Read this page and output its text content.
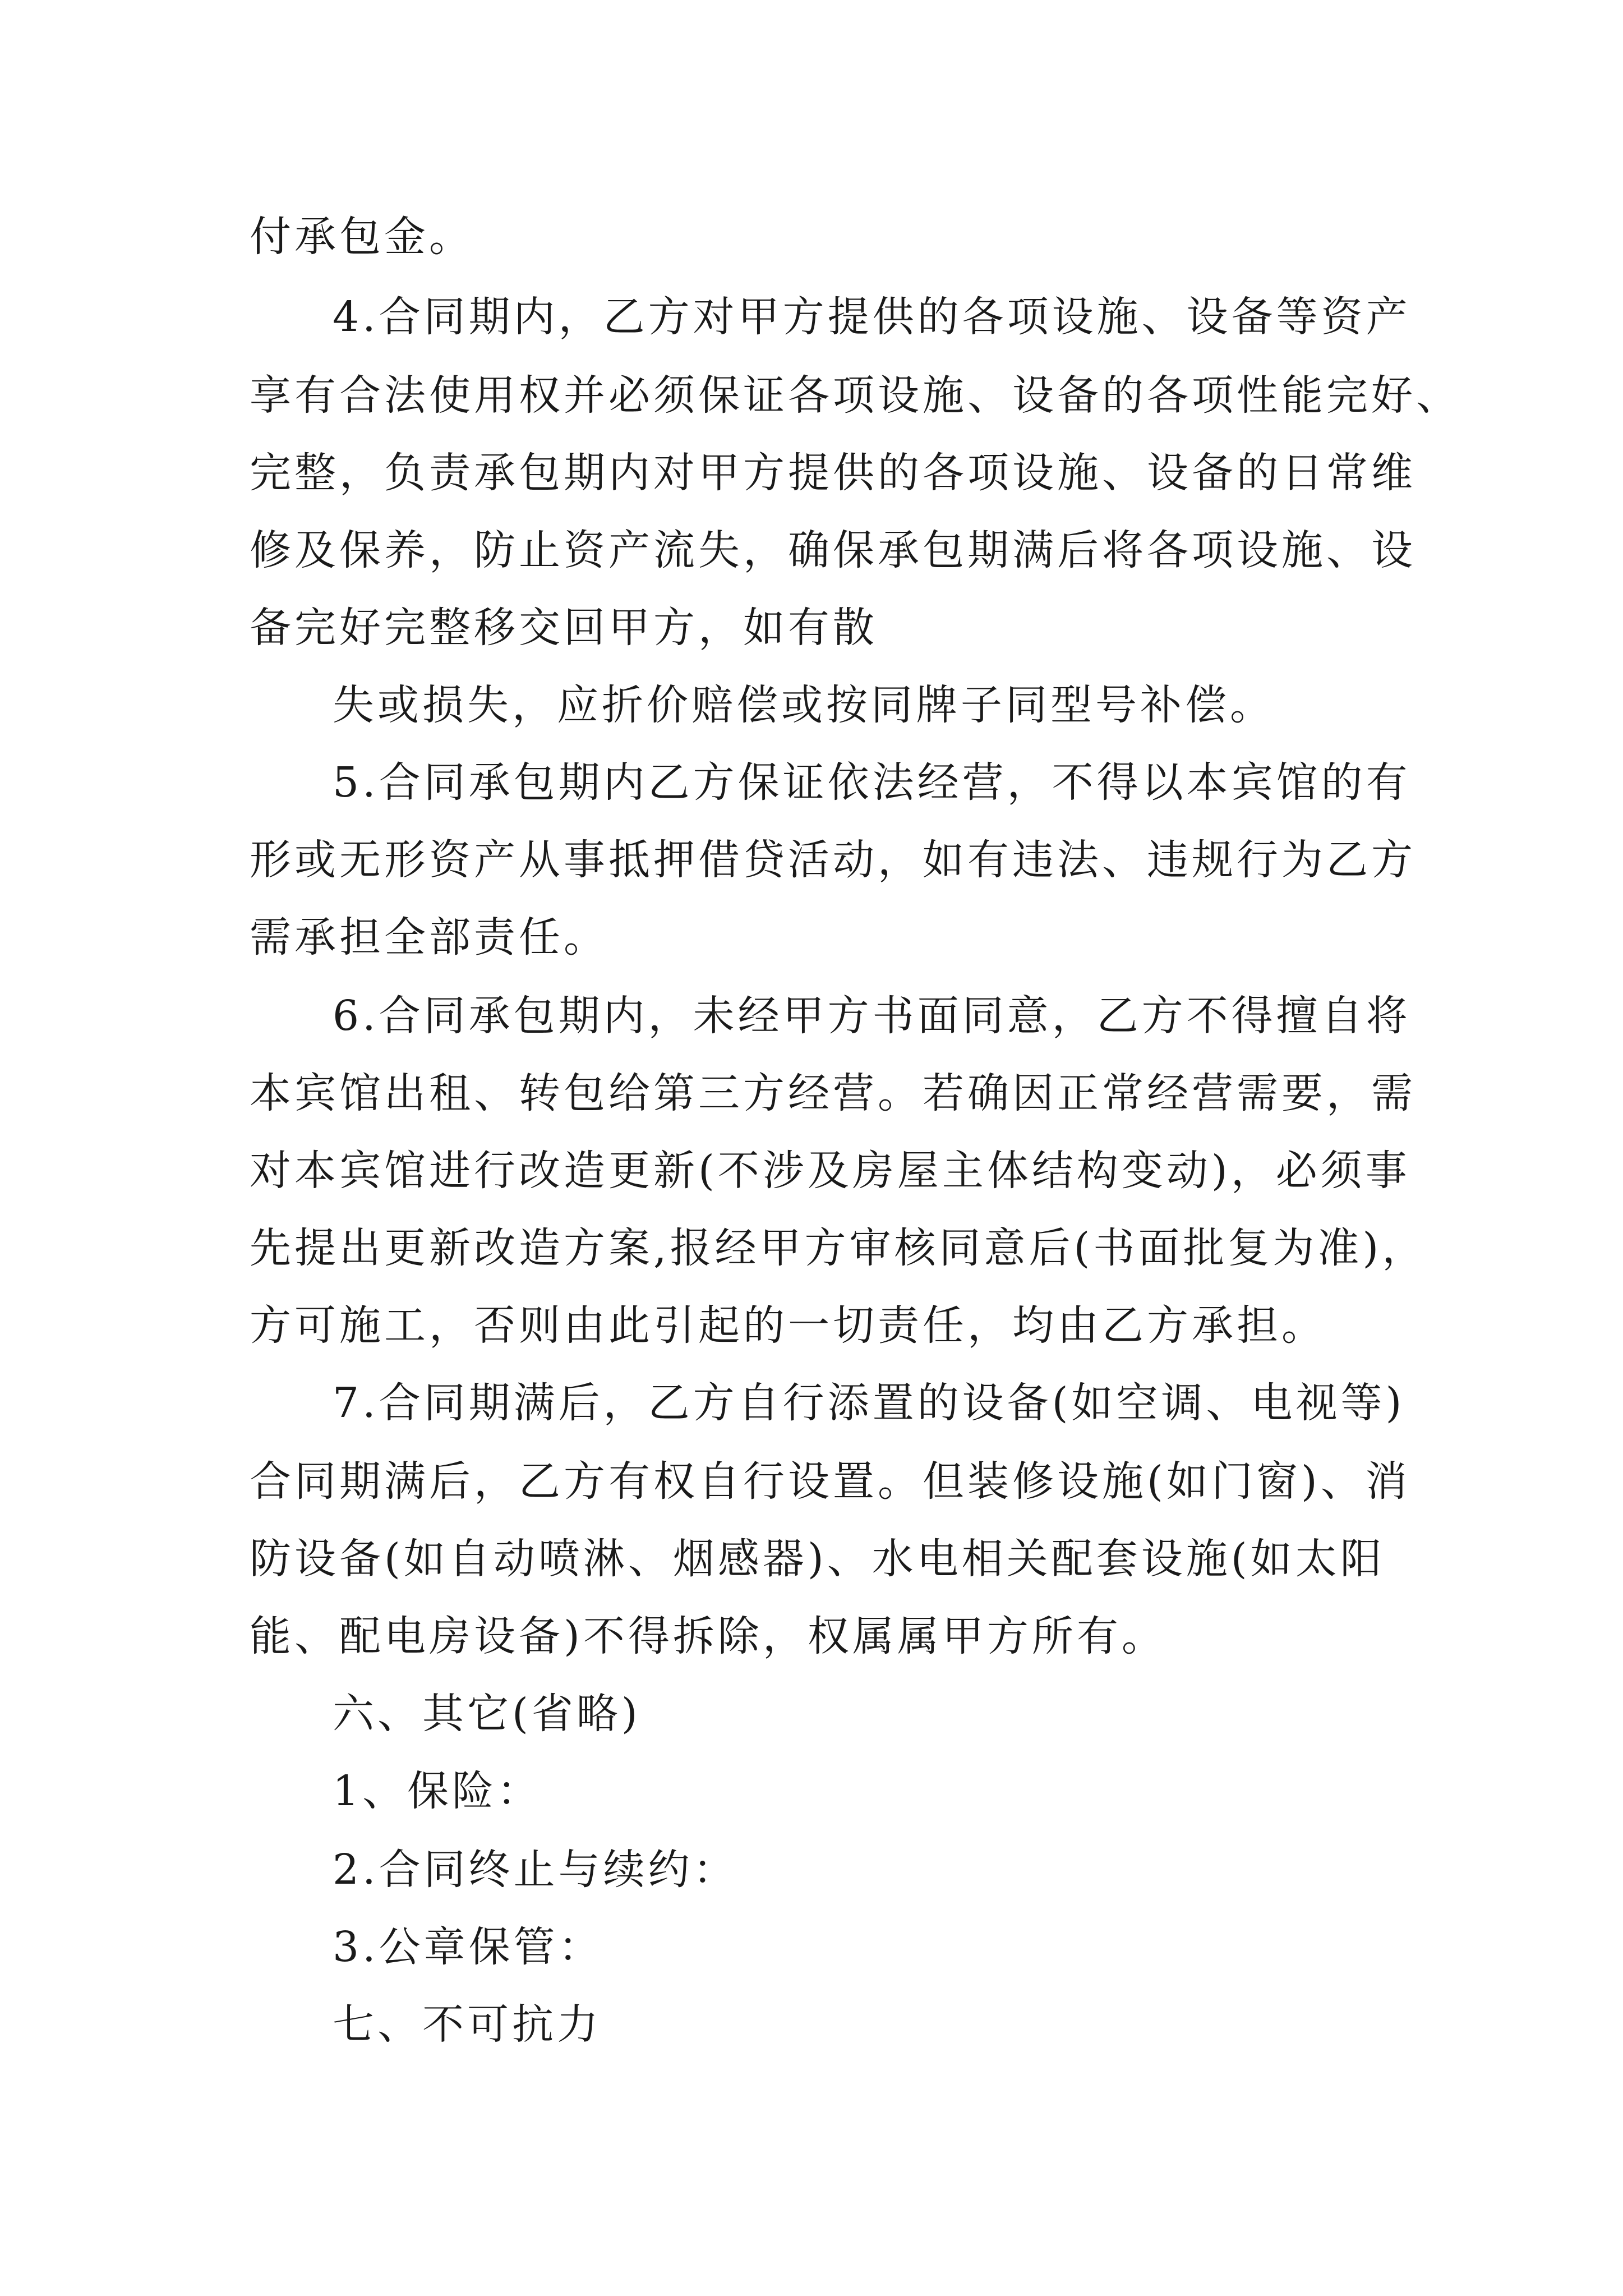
付承包金。
4.合同期内，乙方对甲方提供的各项设施、设备等资产
享有合法使用权并必须保证各项设施、设备的各项性能完好、
完整，负责承包期内对甲方提供的各项设施、设备的日常维
修及保养，防止资产流失，确保承包期满后将各项设施、设
备完好完整移交回甲方，如有散
失或损失，应折价赔偿或按同牌子同型号补偿。
5.合同承包期内乙方保证依法经营，不得以本宾馆的有
形或无形资产从事抵押借贷活动，如有违法、违规行为乙方
需承担全部责任。
6.合同承包期内，未经甲方书面同意，乙方不得擅自将
本宾馆出租、转包给第三方经营。若确因正常经营需要，需
对本宾馆进行改造更新(不涉及房屋主体结构变动)，必须事
先提出更新改造方案,报经甲方审核同意后(书面批复为准)，
方可施工，否则由此引起的一切责任，均由乙方承担。
7.合同期满后，乙方自行添置的设备(如空调、电视等)
合同期满后，乙方有权自行设置。但装修设施(如门窗)、消
防设备(如自动喷淋、烟感器)、水电相关配套设施(如太阳
能、配电房设备)不得拆除，权属属甲方所有。
六、其它(省略)
1、保险：
2.合同终止与续约：
3.公章保管：
七、不可抗力
